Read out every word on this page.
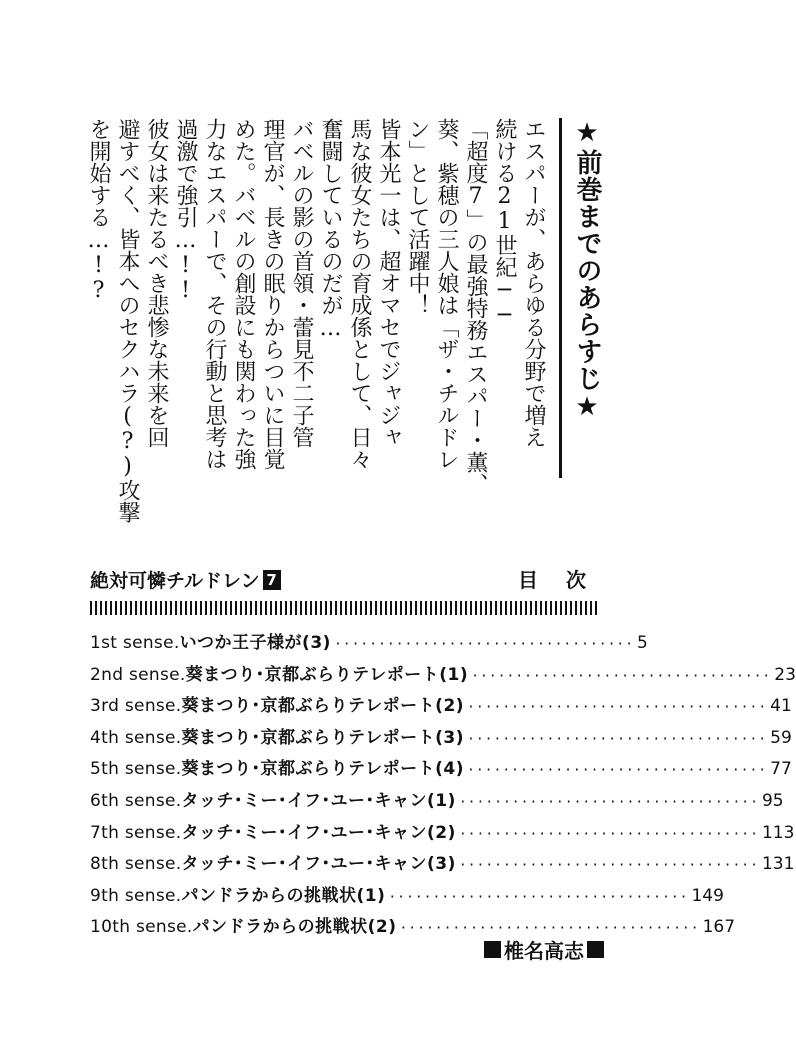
★前巻までのあらすじ★
エスパーが、あらゆる分野で増え
続ける21世紀──
「超度7」の最強特務エスパー・薫、
葵、紫穂の三人娘は「ザ・チルドレ
ン」として活躍中！
皆本光一は、超オマセでジャジャ
馬な彼女たちの育成係として、日々
奮闘しているのだが…
バベルの影の首領・蕾見不二子管
理官が、長きの眠りからついに目覚
めた。バベルの創設にも関わった強
力なエスパーで、その行動と思考は
過激で強引…!!
彼女は来たるべき悲惨な未来を回
避すべく、皆本へのセクハラ(?)攻撃
を開始する…!?
絶対可憐チルドレン 7	目次
1st sense. いつか王子様が(3) ·································· 5
2nd sense. 葵まつり･京都ぶらりテレポート(1) ·································· 23
3rd sense. 葵まつり･京都ぶらりテレポート(2) ·································· 41
4th sense. 葵まつり･京都ぶらりテレポート(3) ·································· 59
5th sense. 葵まつり･京都ぶらりテレポート(4) ·································· 77
6th sense. タッチ･ミー･イフ･ユー･キャン(1) ·································· 95
7th sense. タッチ･ミー･イフ･ユー･キャン(2) ·································· 113
8th sense. タッチ･ミー･イフ･ユー･キャン(3) ·································· 131
9th sense. パンドラからの挑戦状(1) ·································· 149
10th sense. パンドラからの挑戦状(2) ·································· 167
椎名高志
